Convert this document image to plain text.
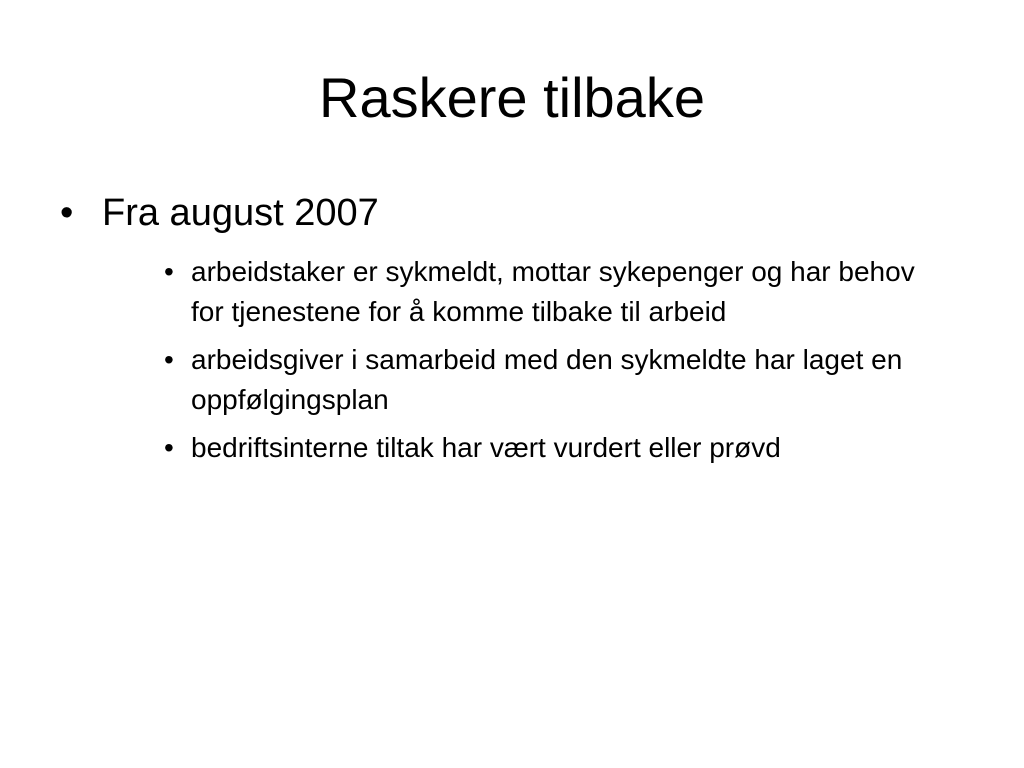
Raskere tilbake
• Fra august 2007
• arbeidstaker er sykmeldt, mottar sykepenger og har behov for tjenestene for å komme tilbake til arbeid
• arbeidsgiver i samarbeid med den sykmeldte har laget en oppfølgingsplan
• bedriftsinterne tiltak har vært vurdert eller prøvd
